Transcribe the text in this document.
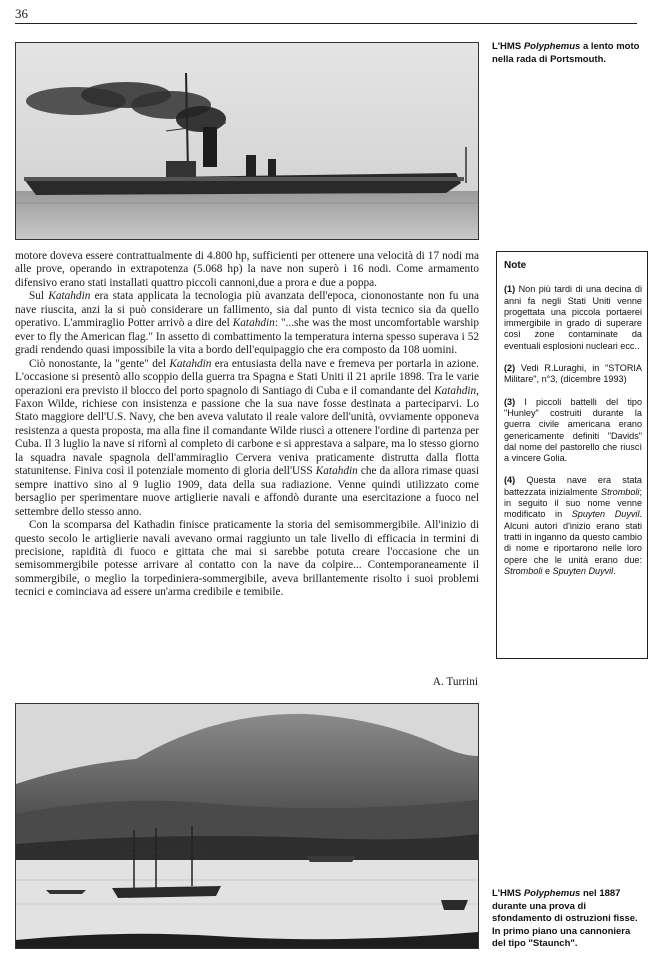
36
L'HMS Polyphemus a lento moto nella rada di Portsmouth.

motore doveva essere contrattualmente di 4.800 hp, sufficienti per ottenere una velocità di 17 nodi ma alle prove, operando in extrapotenza (5.068 hp) la nave non superò i 16 nodi. Come armamento difensivo erano stati installati quattro piccoli cannoni,due a prora e due a poppa.

Sul Katahdin era stata applicata la tecnologia più avanzata dell'epoca, ciononostante non fu una nave riuscita, anzi la si può considerare un fallimento, sia dal punto di vista tecnico sia da quello operativo. L'ammiraglio Potter arrivò a dire del Katahdin: "...she was the most uncomfortable warship ever to fly the American flag." In assetto di combattimento la temperatura interna spesso superava i 52 gradi rendendo quasi impossibile la vita a bordo dell'equipaggio che era composto da 108 uomini.

Ciò nonostante, la "gente" del Katahdin era entusiasta della nave e fremeva per portarla in azione. L'occasione si presentò allo scoppio della guerra tra Spagna e Stati Uniti il 21 aprile 1898. Tra le varie operazioni era previsto il blocco del porto spagnolo di Santiago di Cuba e il comandante del Katahdin, Faxon Wilde, richiese con insistenza e passione che la sua nave fosse destinata a parteciparvi. Lo Stato maggiore dell'U.S. Navy, che ben aveva valutato il reale valore dell'unità, ovviamente opponeva resistenza a questa proposta, ma alla fine il comandante Wilde riuscì a ottenere l'ordine di partenza per Cuba. Il 3 luglio la nave si rifornì al completo di carbone e si apprestava a salpare, ma lo stesso giorno la squadra navale spagnola dell'ammiraglio Cervera veniva praticamente distrutta dalla flotta statunitense. Finiva così il potenziale momento di gloria dell'USS Katahdin che da allora rimase quasi sempre inattivo sino al 9 luglio 1909, data della sua radiazione. Venne quindi utilizzato come bersaglio per sperimentare nuove artiglierie navali e affondò durante una esercitazione a fuoco nel settembre dello stesso anno.

Con la scomparsa del Kathadin finisce praticamente la storia del semisommergibile. All'inizio di questo secolo le artiglierie navali avevano ormai raggiunto un tale livello di efficacia in termini di precisione, rapidità di fuoco e gittata che mai si sarebbe potuta creare l'occasione che un semisommergibile potesse arrivare al contatto con la nave da colpire... Contemporaneamente il sommergibile, o meglio la torpediniera-sommergibile, aveva brillantemente risolto i suoi problemi tecnici e cominciava ad essere un'arma credibile e temibile.

A. Turrini
Note

(1) Non più tardi di una decina di anni fa negli Stati Uniti venne progettata una piccola portaerei immergibile in grado di superare così zone contaminate da eventuali esplosioni nucleari ecc..

(2) Vedi R.Luraghi, in "STORIA Militare", n°3, (dicembre 1993)

(3) I piccoli battelli del tipo "Hunley" costruiti durante la guerra civile americana erano genericamente definiti "Davids" dal nome del pastorello che riuscì a vincere Golia.

(4) Questa nave era stata battezzata inizialmente Stromboli; in seguito il suo nome venne modificato in Spuyten Duyvil. Alcuni autori d'inizio erano stati tratti in inganno da questo cambio di nome e riportarono nelle loro opere che le unità erano due: Stromboli e Spuyten Duyvil.

L'HMS Polyphemus nel 1887 durante una prova di sfondamento di ostruzioni fisse. In primo piano una cannoniera del tipo "Staunch".
